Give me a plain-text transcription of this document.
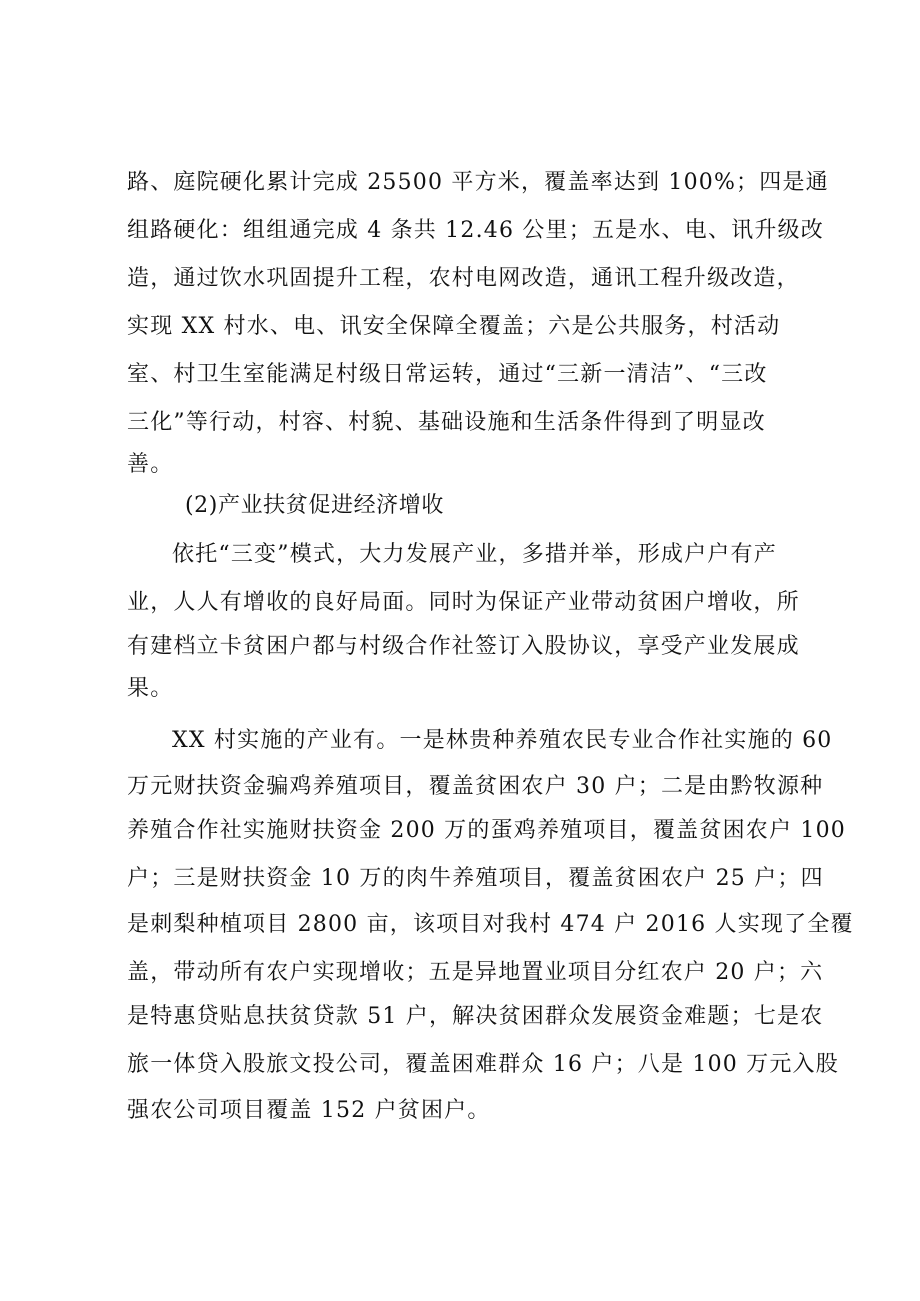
路、庭院硬化累计完成 25500 平方米，覆盖率达到 100%；四是通

组路硬化：组组通完成 4 条共 12.46 公里；五是水、电、讯升级改

造，通过饮水巩固提升工程，农村电网改造，通讯工程升级改造，

实现 XX 村水、电、讯安全保障全覆盖；六是公共服务，村活动

室、村卫生室能满足村级日常运转，通过“三新一清洁”、“三改

三化”等行动，村容、村貌、基础设施和生活条件得到了明显改

善。

(2)产业扶贫促进经济增收

依托“三变”模式，大力发展产业，多措并举，形成户户有产

业，人人有增收的良好局面。同时为保证产业带动贫困户增收，所

有建档立卡贫困户都与村级合作社签订入股协议，享受产业发展成

果。

XX 村实施的产业有。一是林贵种养殖农民专业合作社实施的 60

万元财扶资金骗鸡养殖项目，覆盖贫困农户 30 户；二是由黔牧源种

养殖合作社实施财扶资金 200 万的蛋鸡养殖项目，覆盖贫困农户 100

户；三是财扶资金 10 万的肉牛养殖项目，覆盖贫困农户 25 户；四

是刺梨种植项目 2800 亩，该项目对我村 474 户 2016 人实现了全覆

盖，带动所有农户实现增收；五是异地置业项目分红农户 20 户；六

是特惠贷贴息扶贫贷款 51 户，解决贫困群众发展资金难题；七是农

旅一体贷入股旅文投公司，覆盖困难群众 16 户；八是 100 万元入股

强农公司项目覆盖 152 户贫困户。
